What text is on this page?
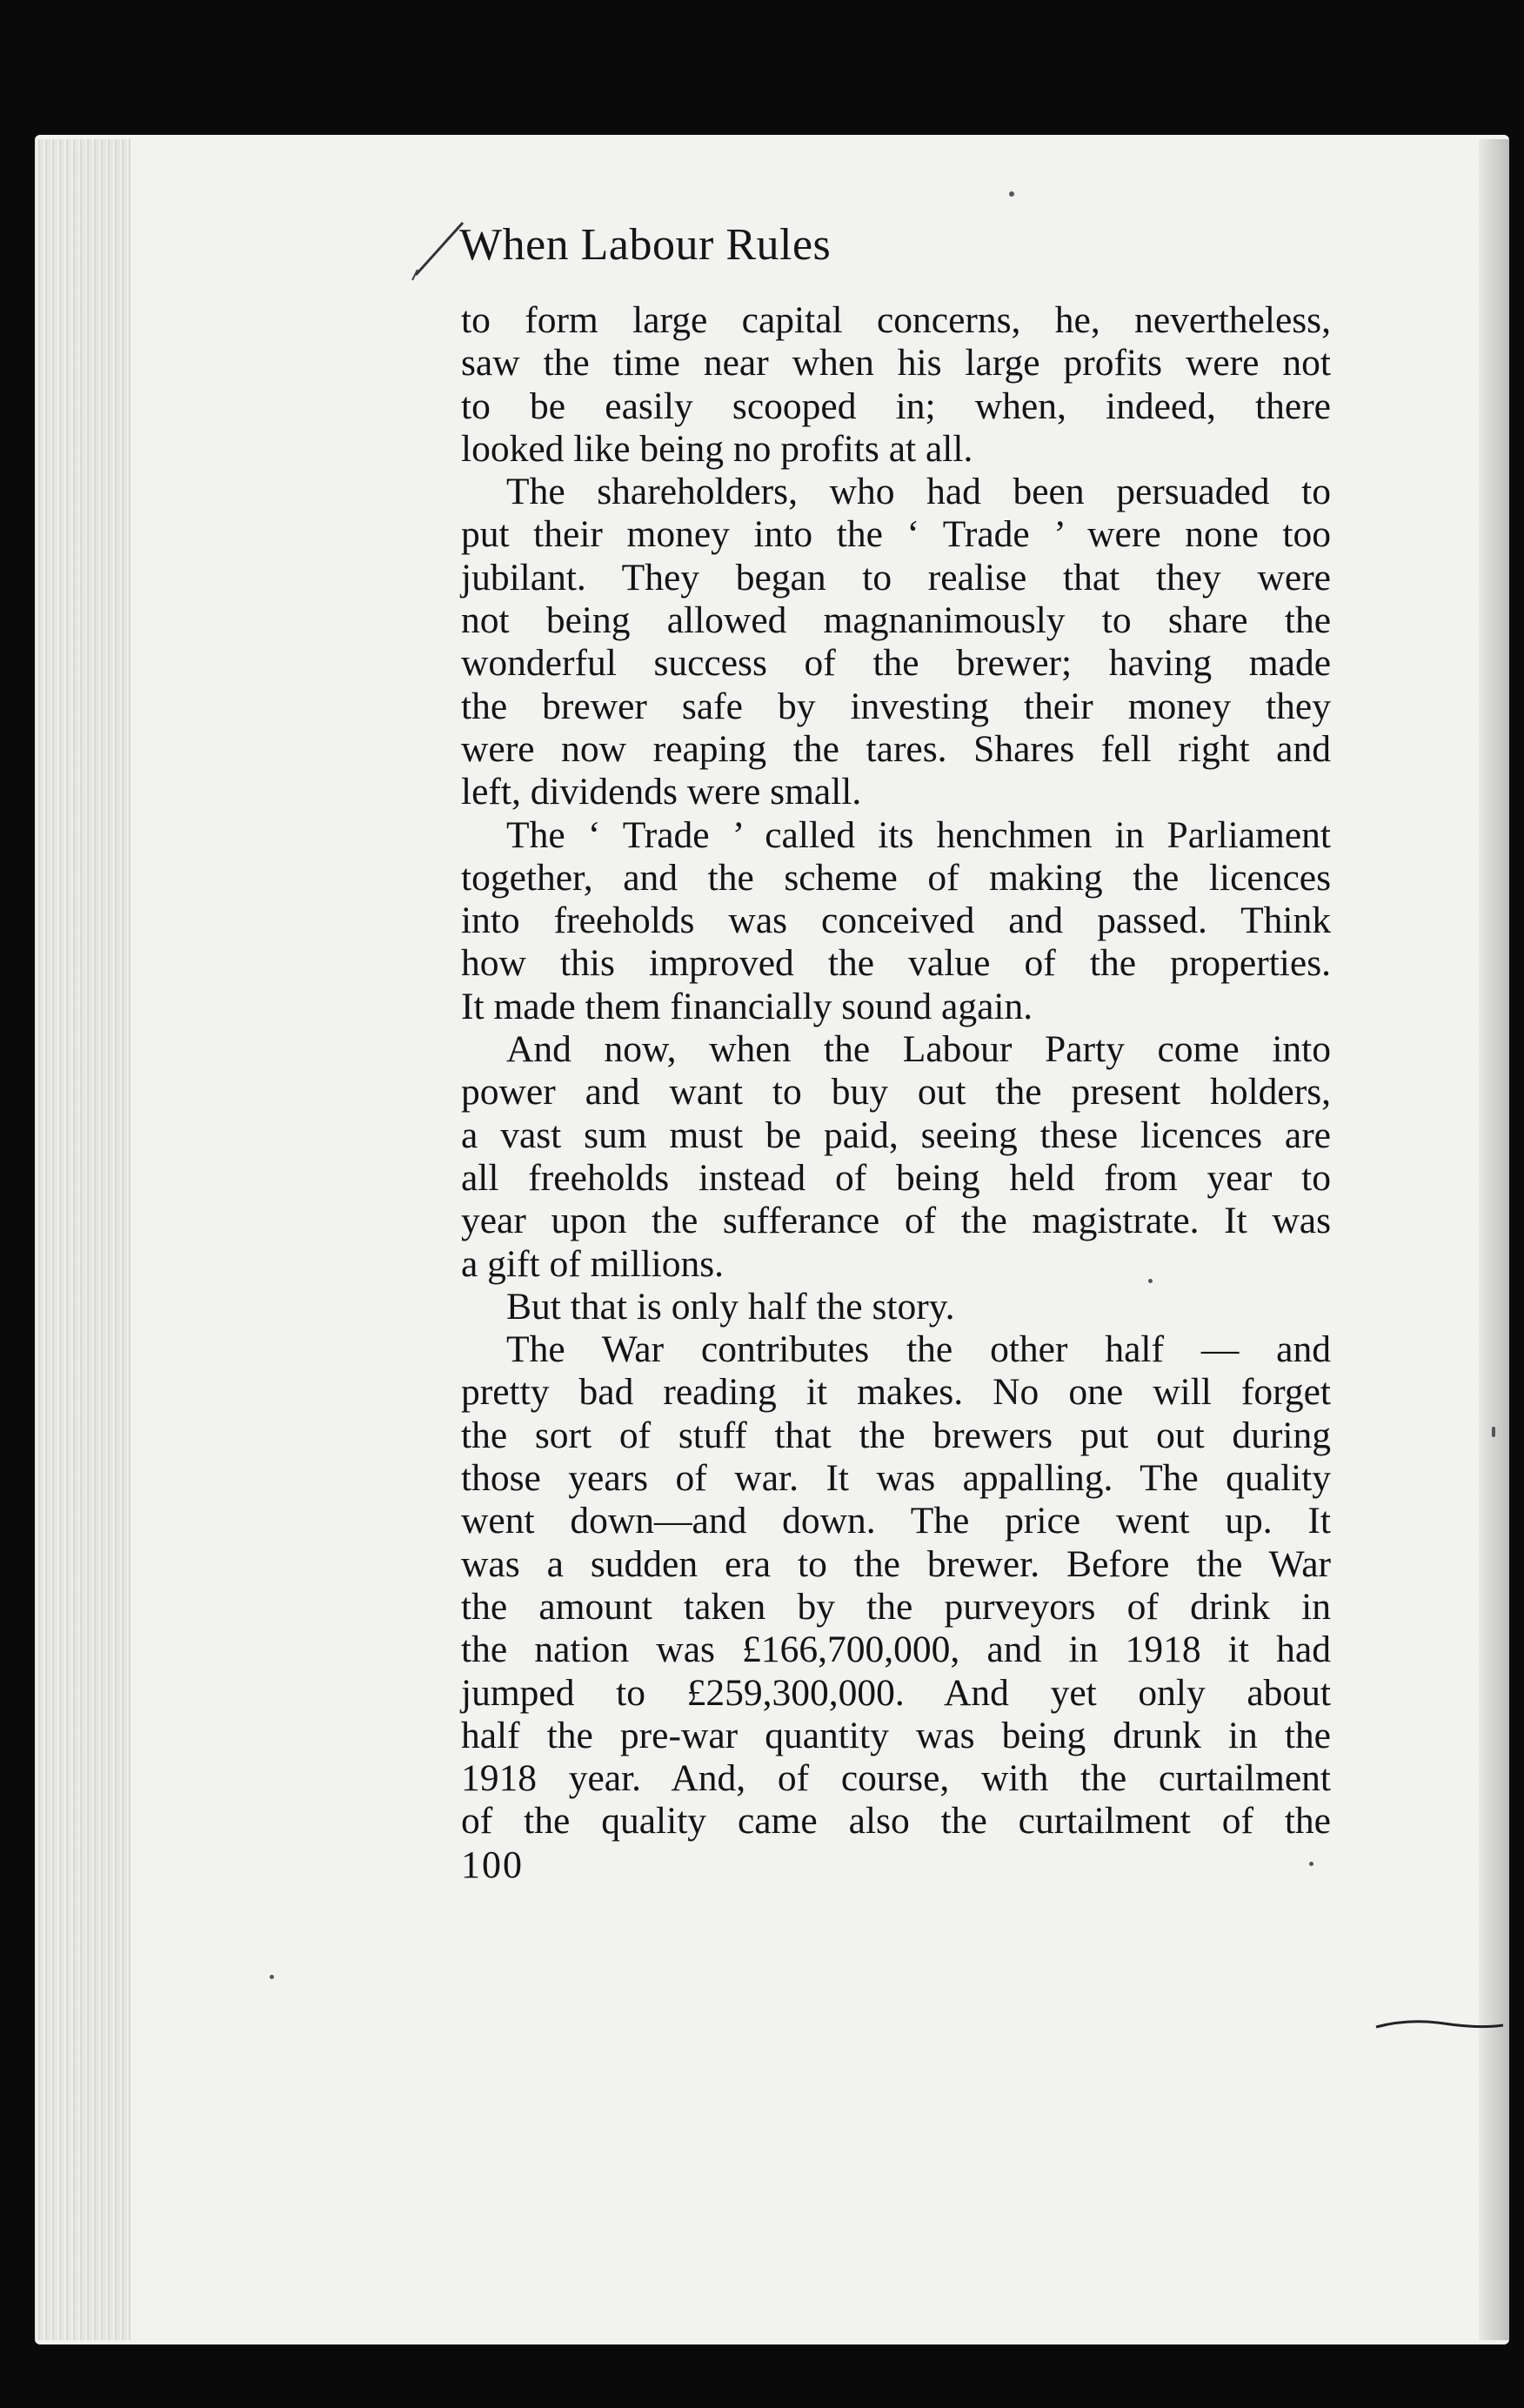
When Labour Rules
to form large capital concerns, he, nevertheless,
saw the time near when his large profits were not
to be easily scooped in; when, indeed, there
looked like being no profits at all.
The shareholders, who had been persuaded to
put their money into the ‘ Trade ’ were none too
jubilant. They began to realise that they were
not being allowed magnanimously to share the
wonderful success of the brewer; having made
the brewer safe by investing their money they
were now reaping the tares. Shares fell right and
left, dividends were small.
The ‘ Trade ’ called its henchmen in Parliament
together, and the scheme of making the licences
into freeholds was conceived and passed. Think
how this improved the value of the properties.
It made them financially sound again.
And now, when the Labour Party come into
power and want to buy out the present holders,
a vast sum must be paid, seeing these licences are
all freeholds instead of being held from year to
year upon the sufferance of the magistrate. It was
a gift of millions.
But that is only half the story.
The War contributes the other half — and
pretty bad reading it makes. No one will forget
the sort of stuff that the brewers put out during
those years of war. It was appalling. The quality
went down—and down. The price went up. It
was a sudden era to the brewer. Before the War
the amount taken by the purveyors of drink in
the nation was £166,700,000, and in 1918 it had
jumped to £259,300,000. And yet only about
half the pre-war quantity was being drunk in the
1918 year. And, of course, with the curtailment
of the quality came also the curtailment of the
100
